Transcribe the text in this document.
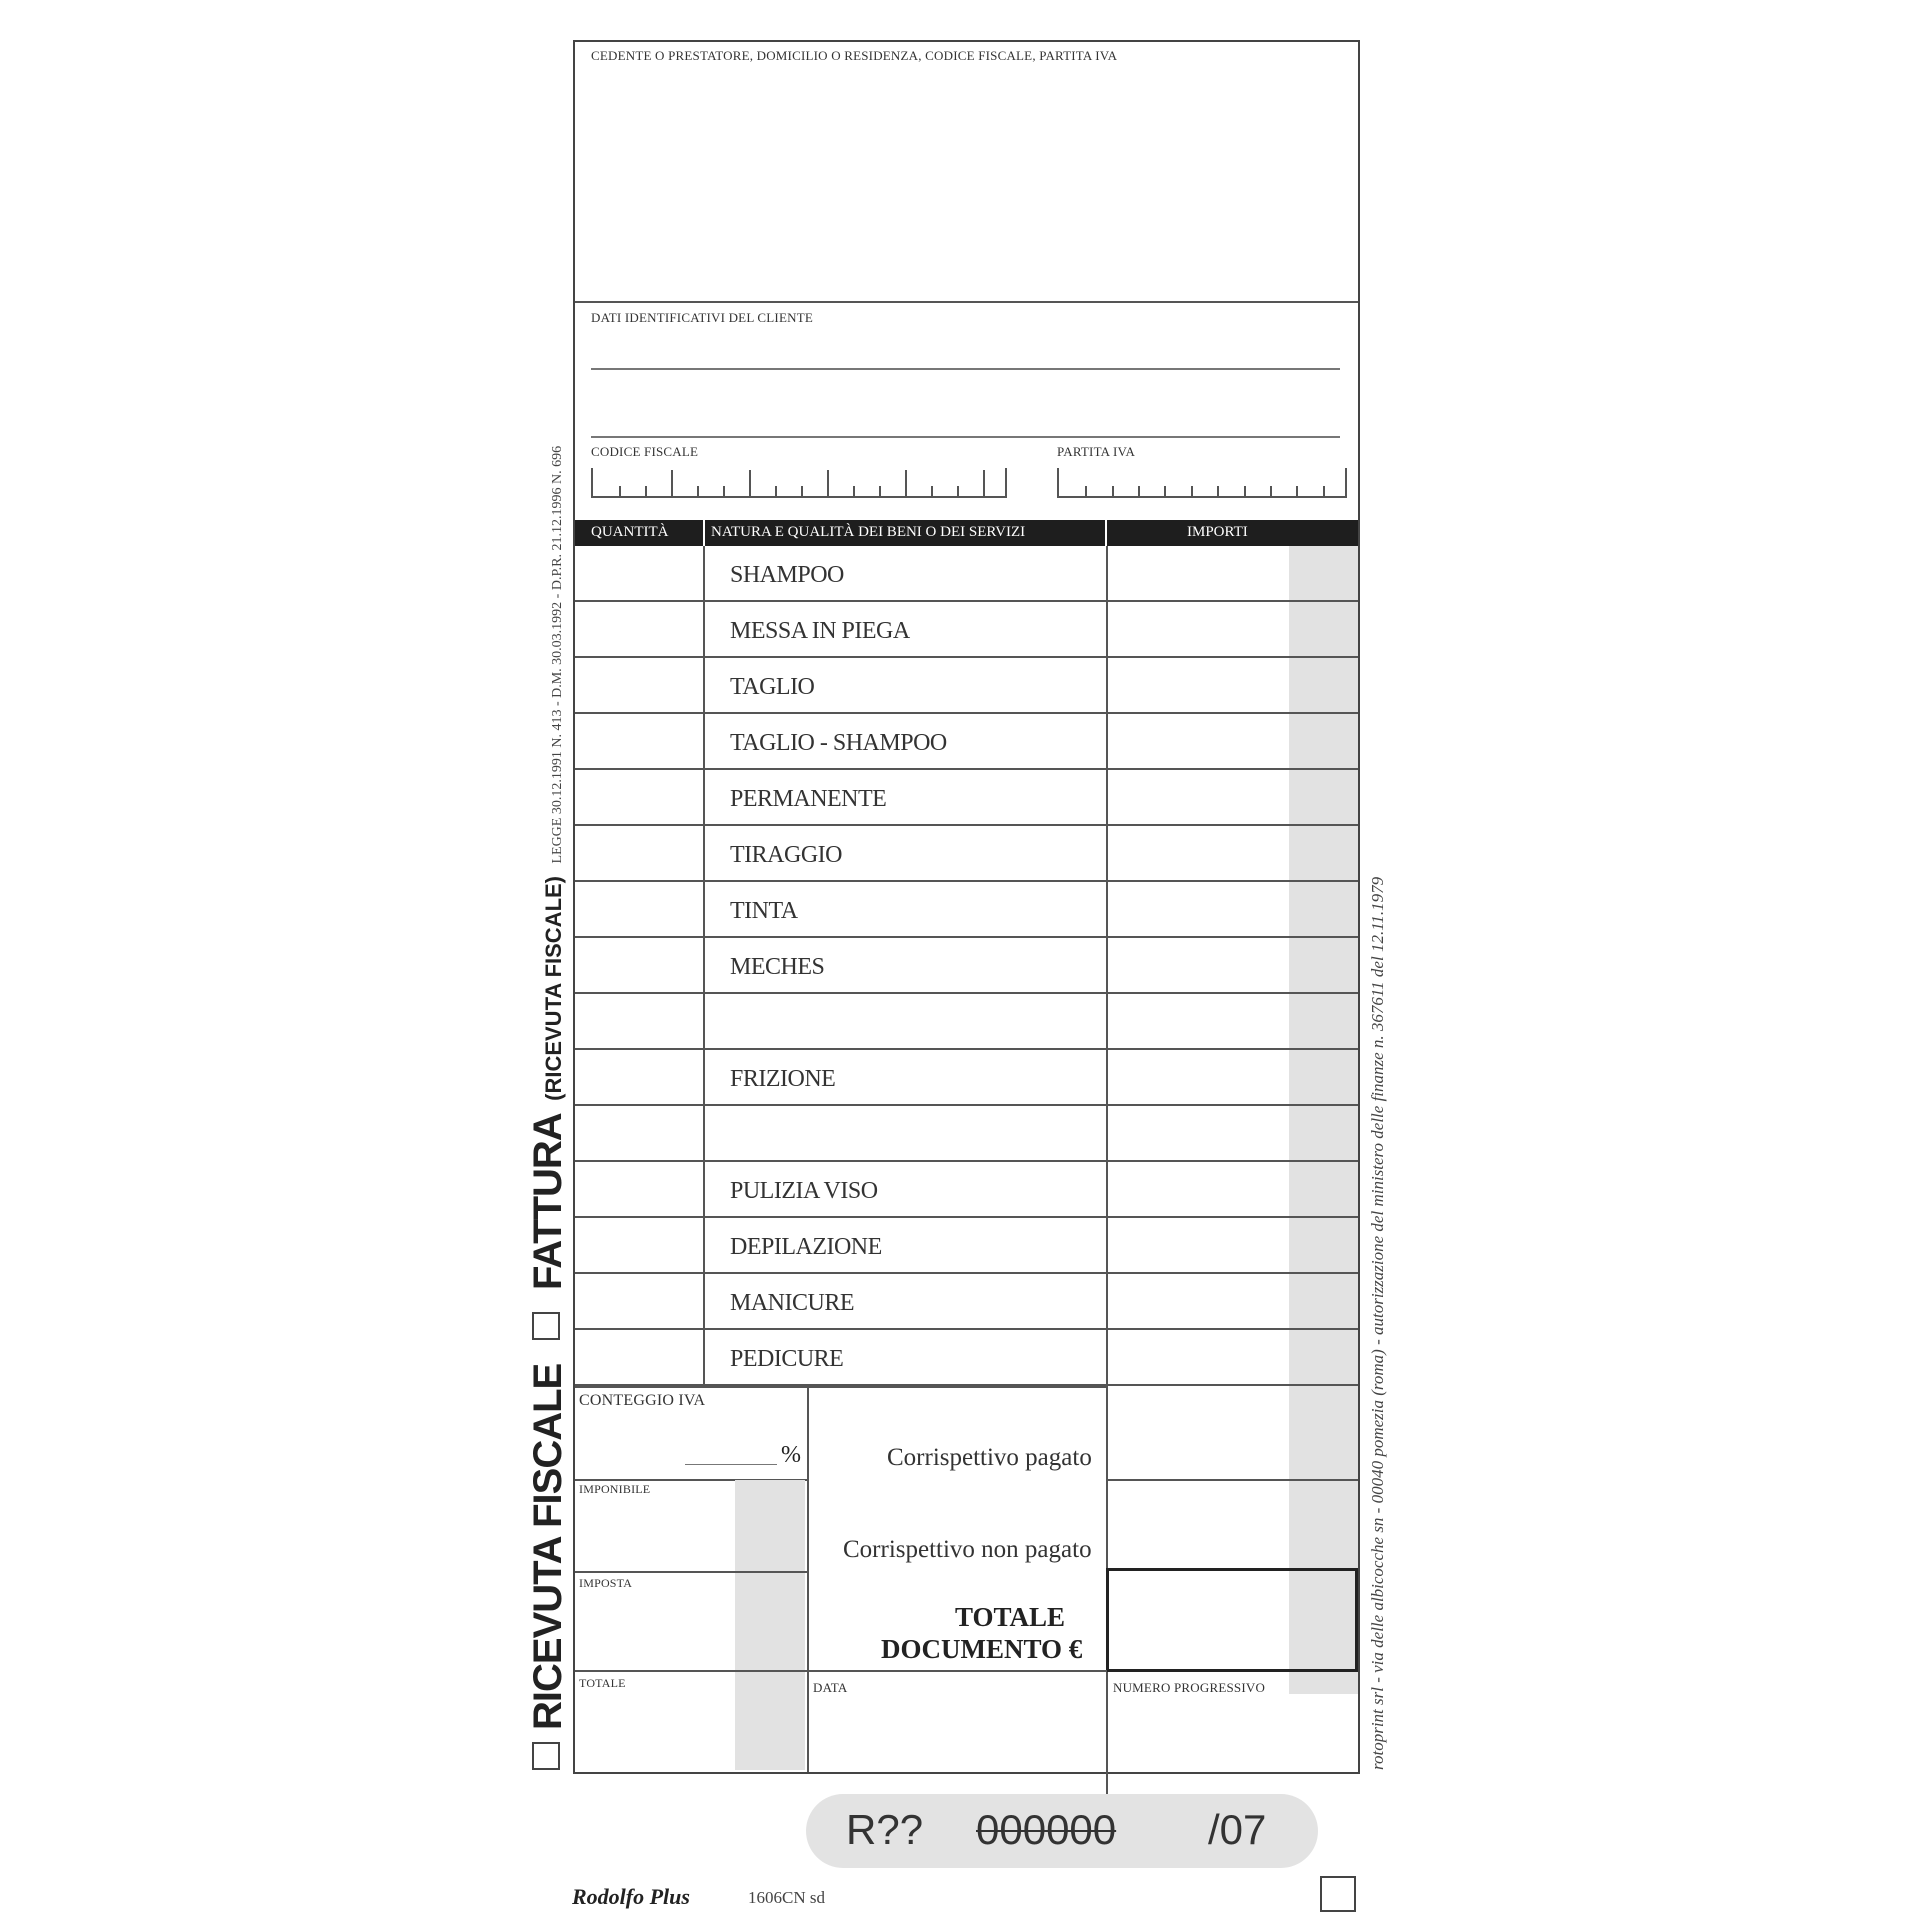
RICEVUTA FISCALE
FATTURA (RICEVUTA FISCALE) LEGGE 30.12.1991 N. 413 - D.M. 30.03.1992 - D.P.R. 21.12.1996 N. 696
rotoprint srl - via delle albicocche sn - 00040 pomezia (roma) - autorizzazione del ministero delle finanze n. 367611 del 12.11.1979
CEDENTE O PRESTATORE, DOMICILIO O RESIDENZA, CODICE FISCALE, PARTITA IVA
DATI IDENTIFICATIVI DEL CLIENTE
CODICE FISCALE	PARTITA IVA
QUANTITÀ	NATURA E QUALITÀ DEI BENI O DEI SERVIZI	IMPORTI
SHAMPOO
MESSA IN PIEGA
TAGLIO
TAGLIO - SHAMPOO
PERMANENTE
TIRAGGIO
TINTA
MECHES
FRIZIONE
PULIZIA VISO
DEPILAZIONE
MANICURE
PEDICURE
CONTEGGIO IVA
%
IMPONIBILE
IMPOSTA
TOTALE
Corrispettivo pagato
Corrispettivo non pagato
TOTALE
DOCUMENTO €
DATA	NUMERO PROGRESSIVO
R?? 000000 /07
Rodolfo Plus	1606CN sd
